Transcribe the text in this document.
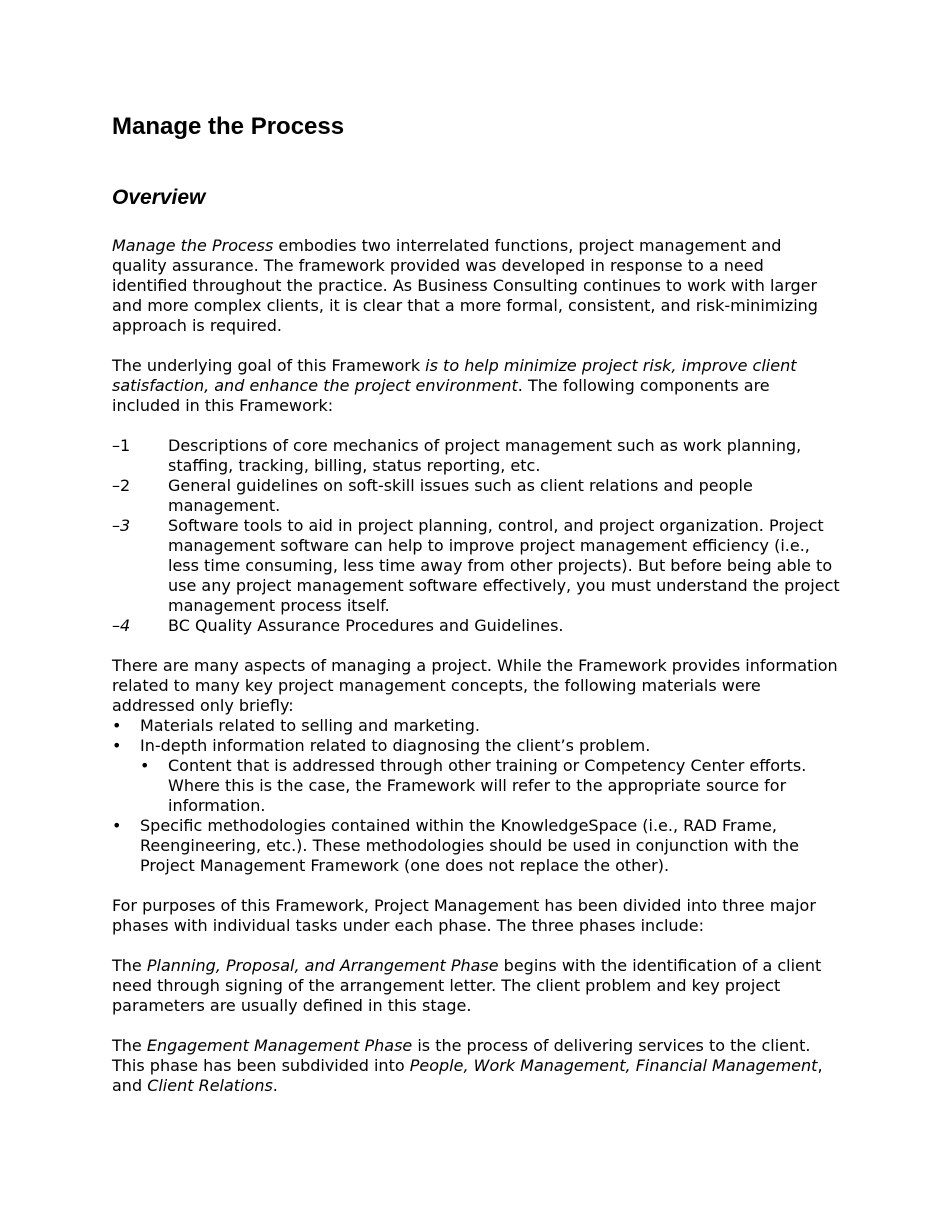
Manage the Process
Overview

Manage the Process embodies two interrelated functions, project management and quality assurance. The framework provided was developed in response to a need identified throughout the practice. As Business Consulting continues to work with larger and more complex clients, it is clear that a more formal, consistent, and risk-minimizing approach is required.

The underlying goal of this Framework is to help minimize project risk, improve client satisfaction, and enhance the project environment. The following components are included in this Framework:

–1 Descriptions of core mechanics of project management such as work planning, staffing, tracking, billing, status reporting, etc.
–2 General guidelines on soft-skill issues such as client relations and people management.
–3 Software tools to aid in project planning, control, and project organization. Project management software can help to improve project management efficiency (i.e., less time consuming, less time away from other projects). But before being able to use any project management software effectively, you must understand the project management process itself.
–4 BC Quality Assurance Procedures and Guidelines.

There are many aspects of managing a project. While the Framework provides information related to many key project management concepts, the following materials were addressed only briefly:

•	Materials related to selling and marketing.
•	In-depth information related to diagnosing the client’s problem.
• Content that is addressed through other training or Competency Center efforts. Where this is the case, the Framework will refer to the appropriate source for information.
•	Specific methodologies contained within the KnowledgeSpace (i.e., RAD Frame, Reengineering, etc.). These methodologies should be used in conjunction with the Project Management Framework (one does not replace the other).

For purposes of this Framework, Project Management has been divided into three major phases with individual tasks under each phase. The three phases include:

The Planning, Proposal, and Arrangement Phase begins with the identification of a client need through signing of the arrangement letter. The client problem and key project parameters are usually defined in this stage.

The Engagement Management Phase is the process of delivering services to the client. This phase has been subdivided into People, Work Management, Financial Management, and Client Relations.
